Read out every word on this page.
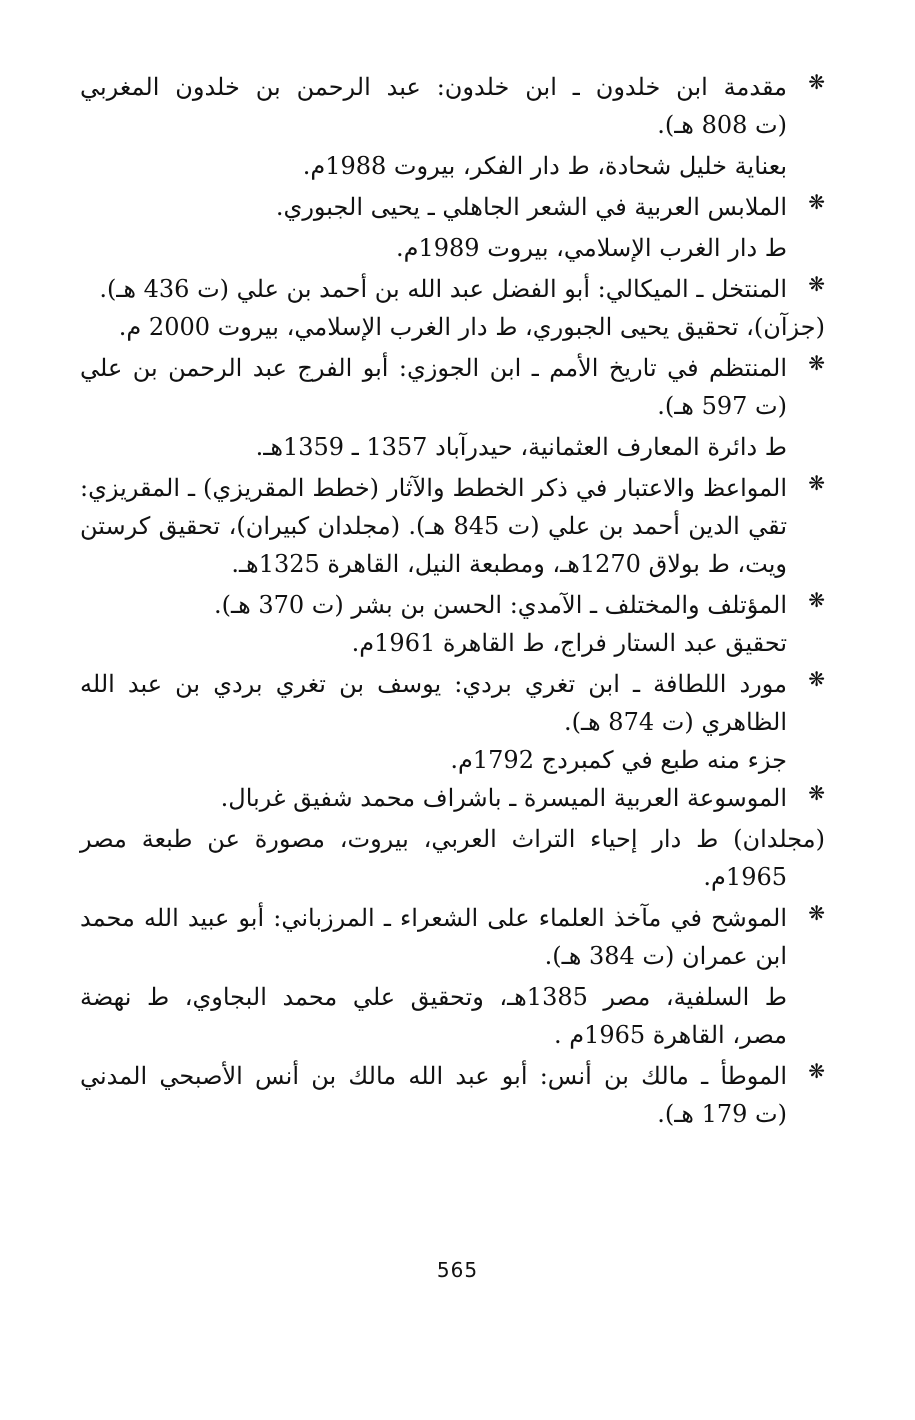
❋
مقدمة ابن خلدون ـ ابن خلدون: عبد الرحمن بن خلدون المغربي
(ت 808 هـ).
بعناية خليل شحادة، ط دار الفكر، بيروت 1988م.
❋
الملابس العربية في الشعر الجاهلي ـ يحيى الجبوري.
ط دار الغرب الإسلامي، بيروت 1989م.
❋
المنتخل ـ الميكالي: أبو الفضل عبد الله بن أحمد بن علي (ت 436 هـ).
(جزآن)، تحقيق يحيى الجبوري، ط دار الغرب الإسلامي، بيروت 2000 م.
❋
المنتظم في تاريخ الأمم ـ ابن الجوزي: أبو الفرج عبد الرحمن بن علي
(ت 597 هـ).
ط دائرة المعارف العثمانية، حيدرآباد 1357 ـ 1359هـ.
❋
المواعظ والاعتبار في ذكر الخطط والآثار (خطط المقريزي) ـ المقريزي:
تقي الدين أحمد بن علي (ت 845 هـ). (مجلدان كبيران)، تحقيق كرستن
ويت، ط بولاق 1270هـ، ومطبعة النيل، القاهرة 1325هـ.
❋
المؤتلف والمختلف ـ الآمدي: الحسن بن بشر (ت 370 هـ).
تحقيق عبد الستار فراج، ط القاهرة 1961م.
❋
مورد اللطافة ـ ابن تغري بردي: يوسف بن تغري بردي بن عبد الله
الظاهري (ت 874 هـ).
جزء منه طبع في كمبردج 1792م.
❋
الموسوعة العربية الميسرة ـ باشراف محمد شفيق غربال.
(مجلدان) ط دار إحياء التراث العربي، بيروت، مصورة عن طبعة مصر
1965م.
❋
الموشح في مآخذ العلماء على الشعراء ـ المرزباني: أبو عبيد الله محمد
ابن عمران (ت 384 هـ).
ط السلفية، مصر 1385هـ، وتحقيق علي محمد البجاوي، ط نهضة
مصر، القاهرة 1965م .
❋
الموطأ ـ مالك بن أنس: أبو عبد الله مالك بن أنس الأصبحي المدني
(ت 179 هـ).
565
